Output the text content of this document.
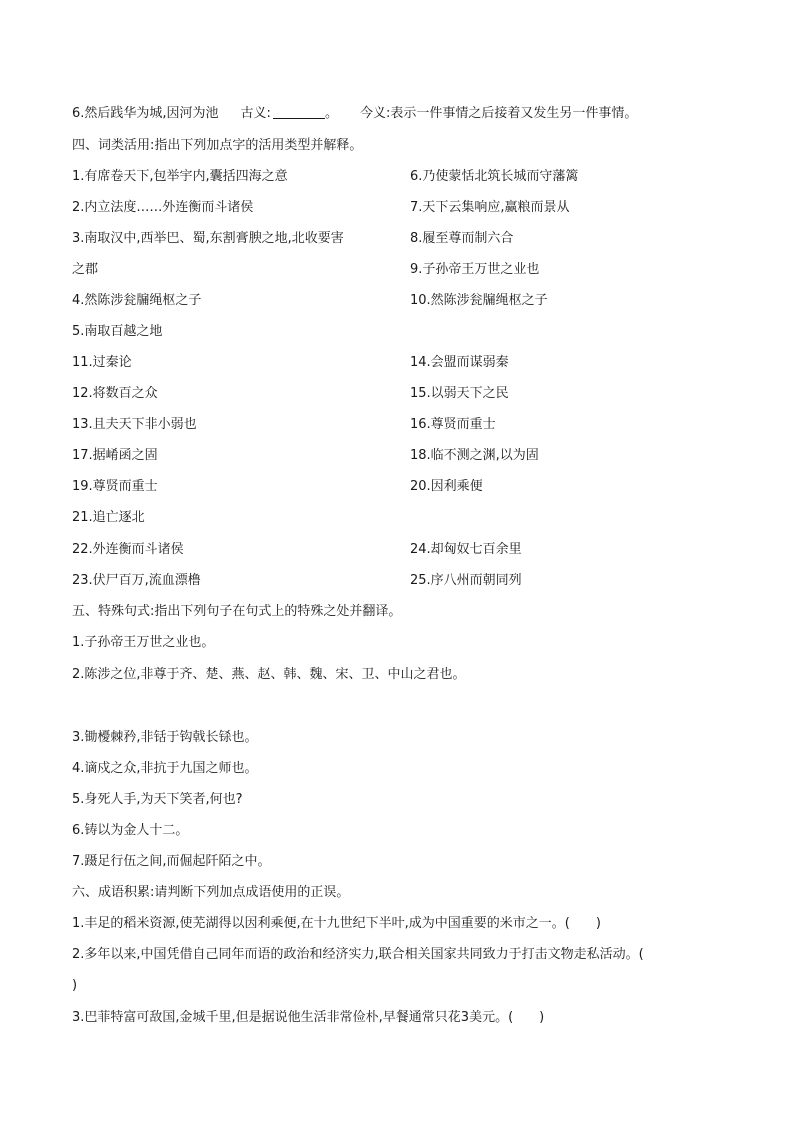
6.然后践华为城,因河为池 古义:	。 今义:表示一件事情之后接着又发生另一件事情。
四、词类活用:指出下列加点字的活用类型并解释。
1.有席卷天下,包举宇内,囊括四海之意	6.乃使蒙恬北筑长城而守藩篱
2.内立法度……外连衡而斗诸侯	7.天下云集响应,赢粮而景从
3.南取汉中,西举巴、蜀,东割膏腴之地,北收要害	8.履至尊而制六合
之郡	9.子孙帝王万世之业也
4.然陈涉瓮牖绳枢之子	10.然陈涉瓮牖绳枢之子
5.南取百越之地
11.过秦论	14.会盟而谋弱秦
12.将数百之众	15.以弱天下之民
13.且夫天下非小弱也	16.尊贤而重士
17.据崤函之固	18.临不测之渊,以为固
19.尊贤而重士	20.因利乘便
21.追亡逐北
22.外连衡而斗诸侯	24.却匈奴七百余里
23.伏尸百万,流血漂橹	25.序八州而朝同列
五、特殊句式:指出下列句子在句式上的特殊之处并翻译。
1.子孙帝王万世之业也。
2.陈涉之位,非尊于齐、楚、燕、赵、韩、魏、宋、卫、中山之君也。
3.锄櫌棘矜,非铦于钩戟长铩也。
4.谪戍之众,非抗于九国之师也。
5.身死人手,为天下笑者,何也?
6.铸以为金人十二。
7.蹑足行伍之间,而倔起阡陌之中。
六、成语积累:请判断下列加点成语使用的正误。
1.丰足的稻米资源,使芜湖得以因利乘便,在十九世纪下半叶,成为中国重要的米市之一。(　　)
2.多年以来,中国凭借自己同年而语的政治和经济实力,联合相关国家共同致力于打击文物走私活动。(
)
3.巴菲特富可敌国,金城千里,但是据说他生活非常俭朴,早餐通常只花3美元。(　　)
